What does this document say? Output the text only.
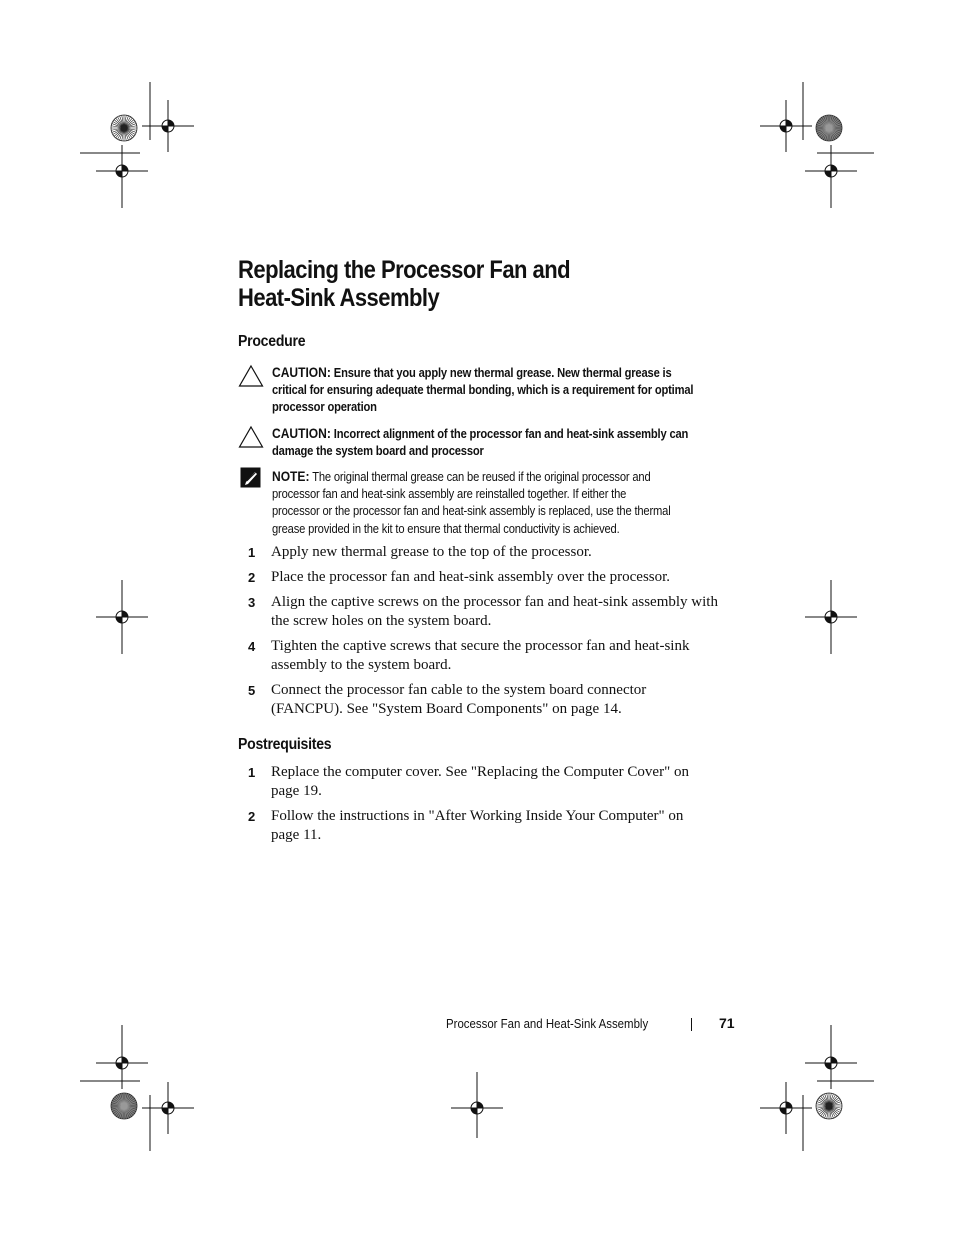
Replacing the Processor Fan and
Heat-Sink Assembly
Procedure
CAUTION: Ensure that you apply new thermal grease. New thermal grease is
critical for ensuring adequate thermal bonding, which is a requirement for optimal
processor operation
CAUTION: Incorrect alignment of the processor fan and heat-sink assembly can
damage the system board and processor
NOTE: The original thermal grease can be reused if the original processor and
processor fan and heat-sink assembly are reinstalled together. If either the
processor or the processor fan and heat-sink assembly is replaced, use the thermal
grease provided in the kit to ensure that thermal conductivity is achieved.
1 Apply new thermal grease to the top of the processor.
2 Place the processor fan and heat-sink assembly over the processor.
3 Align the captive screws on the processor fan and heat-sink assembly with
the screw holes on the system board.
4 Tighten the captive screws that secure the processor fan and heat-sink
assembly to the system board.
5 Connect the processor fan cable to the system board connector
(FANCPU). See "System Board Components" on page 14.
Postrequisites
1 Replace the computer cover. See "Replacing the Computer Cover" on
page 19.
2 Follow the instructions in "After Working Inside Your Computer" on
page 11.
Processor Fan and Heat-Sink Assembly	71
